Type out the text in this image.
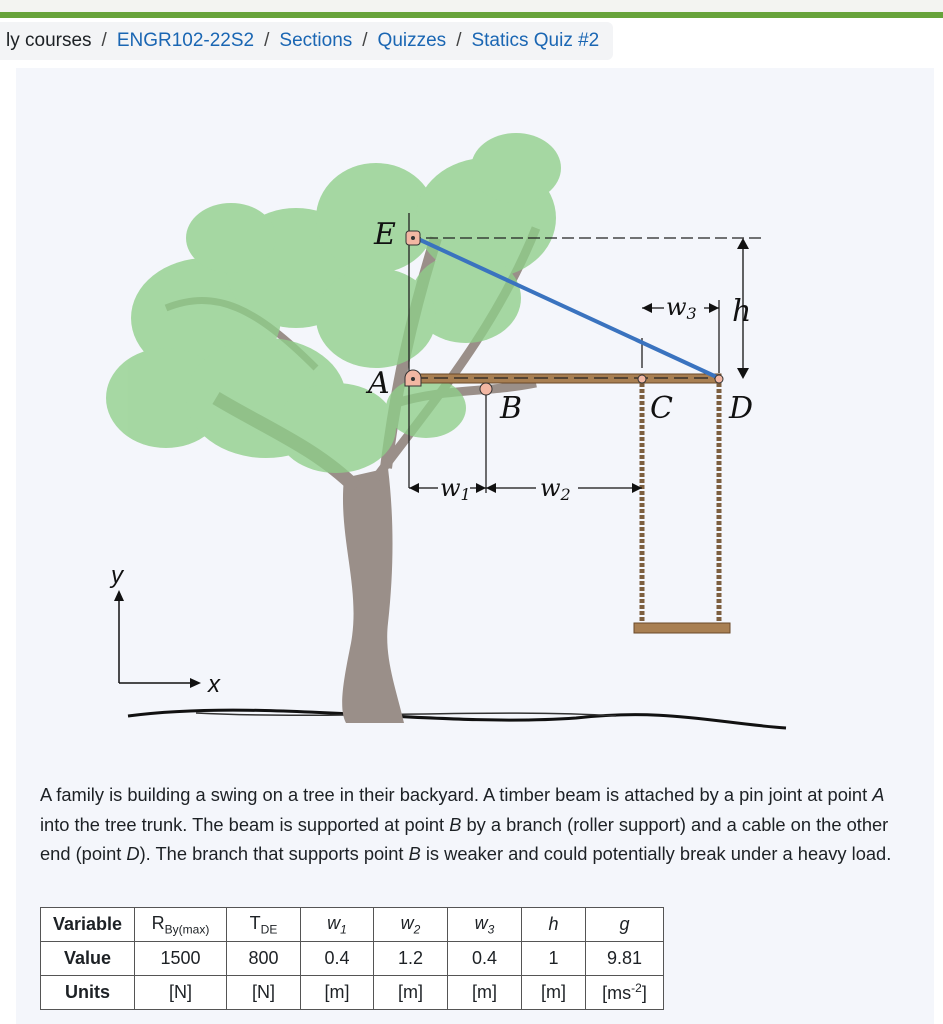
ly courses / ENGR102-22S2 / Sections / Quizzes / Statics Quiz #2
E
A
B	C D
h
w3
w1	w2
y
x

A family is building a swing on a tree in their backyard. A timber beam is attached by a pin joint at point A into the tree trunk. The beam is supported at point B by a branch (roller support) and a cable on the other end (point D). The branch that supports point B is weaker and could potentially break under a heavy load.

Variable	$R_{By(max)}$	$T_{DE}$	$w_1$	$w_2$	$w_3$	h	g
Value	1500	800	0.4	1.2	0.4	1	9.81
Units	[N]	[N]	[m]	[m]	[m]	[m]	$[ms^{-2}]$
